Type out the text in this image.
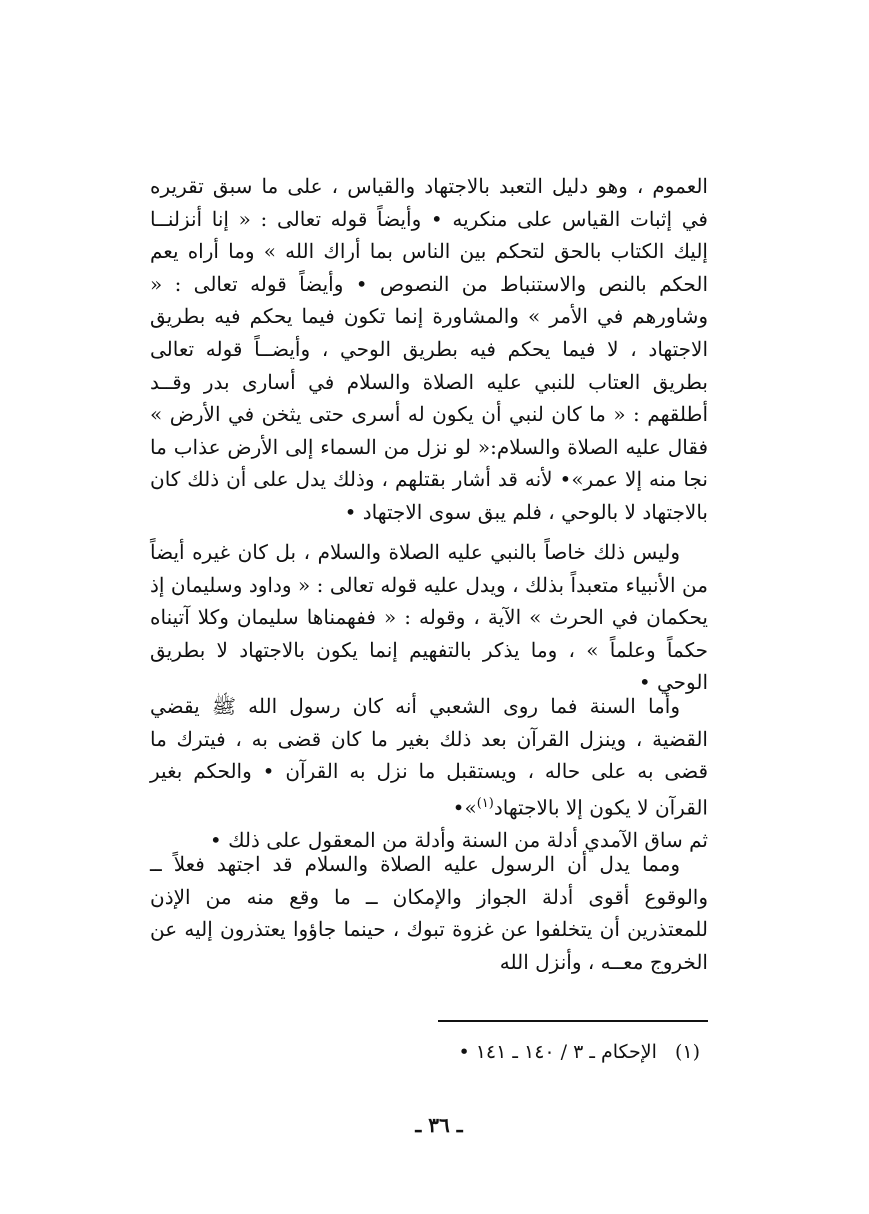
العموم ، وهو دليل التعبد بالاجتهاد والقياس ، على ما سبق تقريره في إثبات القياس على منكريه • وأيضاً قوله تعالى : « إنا أنزلنــا إليك الكتاب بالحق لتحكم بين الناس بما أراك الله » وما أراه يعم الحكم بالنص والاستنباط من النصوص • وأيضاً قوله تعالى : « وشاورهم في الأمر » والمشاورة إنما تكون فيما يحكم فيه بطريق الاجتهاد ، لا فيما يحكم فيه بطريق الوحي ، وأيضــاً قوله تعالى بطريق العتاب للنبي عليه الصلاة والسلام في أسارى بدر وقــد أطلقهم : « ما كان لنبي أن يكون له أسرى حتى يثخن في الأرض » فقال عليه الصلاة والسلام:« لو نزل من السماء إلى الأرض عذاب ما نجا منه إلا عمر»• لأنه قد أشار بقتلهم ، وذلك يدل على أن ذلك كان بالاجتهاد لا بالوحي ، فلم يبق سوى الاجتهاد •

وليس ذلك خاصاً بالنبي عليه الصلاة والسلام ، بل كان غيره أيضاً من الأنبياء متعبداً بذلك ، ويدل عليه قوله تعالى : « وداود وسليمان إذ يحكمان في الحرث » الآية ، وقوله : « ففهمناها سليمان وكلا آتيناه حكماً وعلماً » ، وما يذكر بالتفهيم إنما يكون بالاجتهاد لا بطريق الوحي •

وأما السنة فما روى الشعبي أنه كان رسول الله ﷺ يقضي القضية ، وينزل القرآن بعد ذلك بغير ما كان قضى به ، فيترك ما قضى به على حاله ، ويستقبل ما نزل به القرآن • والحكم بغير القرآن لا يكون إلا بالاجتهاد$^{(١)}$»•

ثم ساق الآمدي أدلة من السنة وأدلة من المعقول على ذلك •

ومما يدل أن الرسول عليه الصلاة والسلام قد اجتهد فعلاً ــ والوقوع أقوى أدلة الجواز والإمكان ــ ما وقع منه من الإذن للمعتذرين أن يتخلفوا عن غزوة تبوك ، حينما جاؤوا يعتذرون إليه عن الخروج معــه ، وأنزل الله

(١) الإحكام ـ ٣ / ١٤٠ ـ ١٤١ •
ـ ٣٦ ـ
